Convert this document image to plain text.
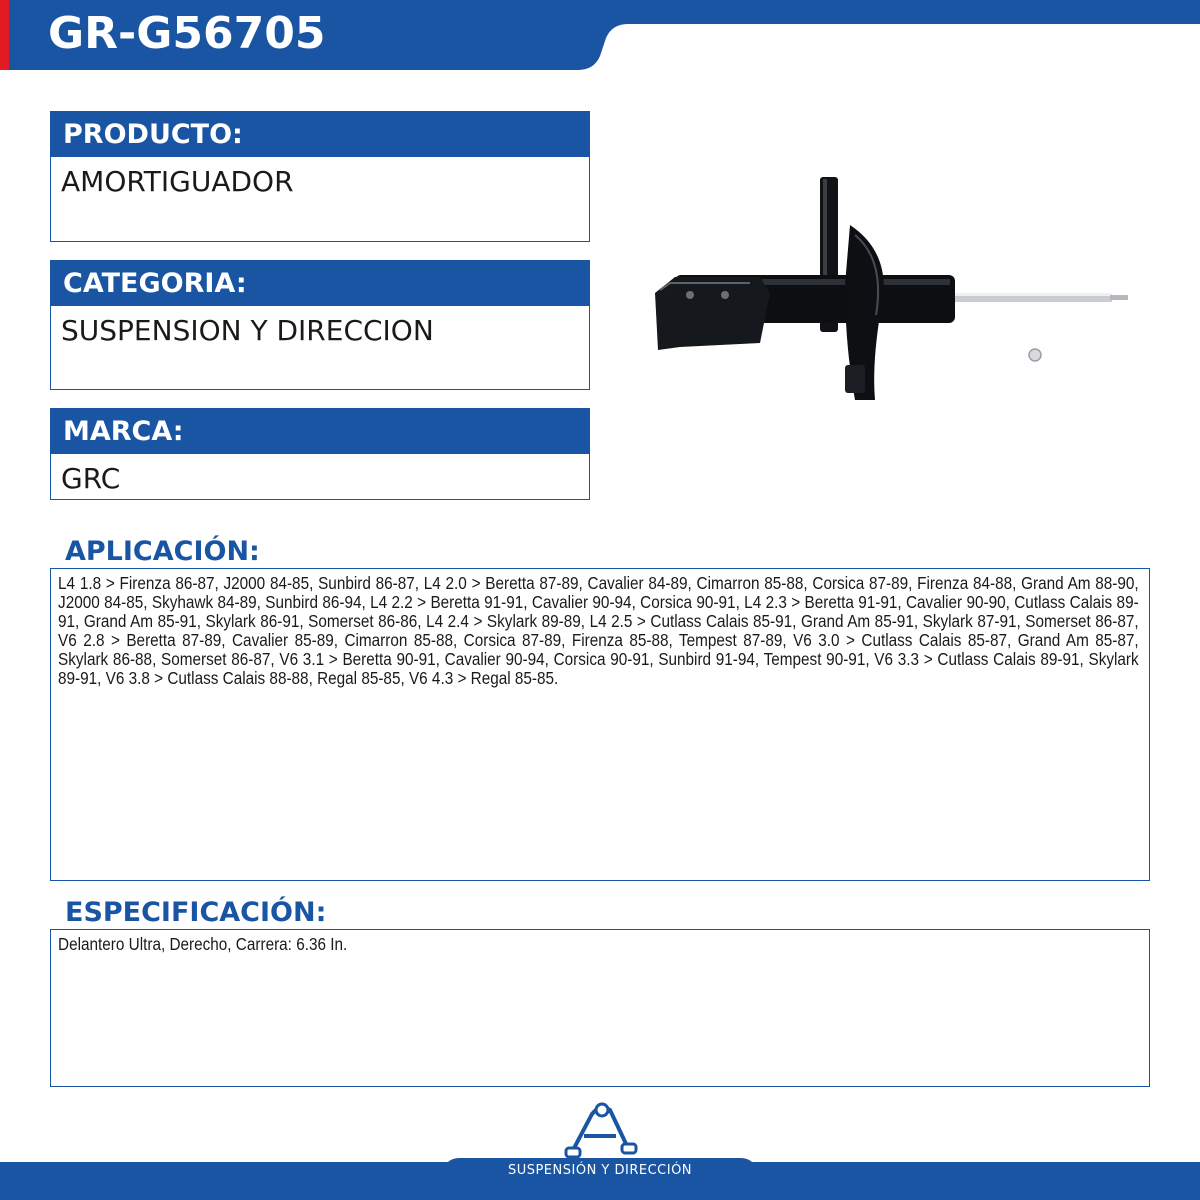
GR-G56705
PRODUCTO:
AMORTIGUADOR
CATEGORIA:
SUSPENSION Y DIRECCION
MARCA:
GRC
APLICACIÓN:

L4 1.8 > Firenza 86-87, J2000 84-85, Sunbird 86-87, L4 2.0 > Beretta 87-89, Cavalier 84-89, Cimarron 85-88, Corsica 87-89, Firenza 84-88, Grand Am 88-90, J2000 84-85, Skyhawk 84-89, Sunbird 86-94, L4 2.2 > Beretta 91-91, Cavalier 90-94, Corsica 90-91, L4 2.3 > Beretta 91-91, Cavalier 90-90, Cutlass Calais 89-91, Grand Am 85-91, Skylark 86-91, Somerset 86-86, L4 2.4 > Skylark 89-89, L4 2.5 > Cutlass Calais 85-91, Grand Am 85-91, Skylark 87-91, Somerset 86-87, V6 2.8 > Beretta 87-89, Cavalier 85-89, Cimarron 85-88, Corsica 87-89, Firenza 85-88, Tempest 87-89, V6 3.0 > Cutlass Calais 85-87, Grand Am 85-87, Skylark 86-88, Somerset 86-87, V6 3.1 > Beretta 90-91, Cavalier 90-94, Corsica 90-91, Sunbird 91-94, Tempest 90-91, V6 3.3 > Cutlass Calais 89-91, Skylark 89-91, V6 3.8 > Cutlass Calais 88-88, Regal 85-85, V6 4.3 > Regal 85-85.

ESPECIFICACIÓN:

Delantero Ultra, Derecho, Carrera: 6.36 In.

SUSPENSIÓN Y DIRECCIÓN
